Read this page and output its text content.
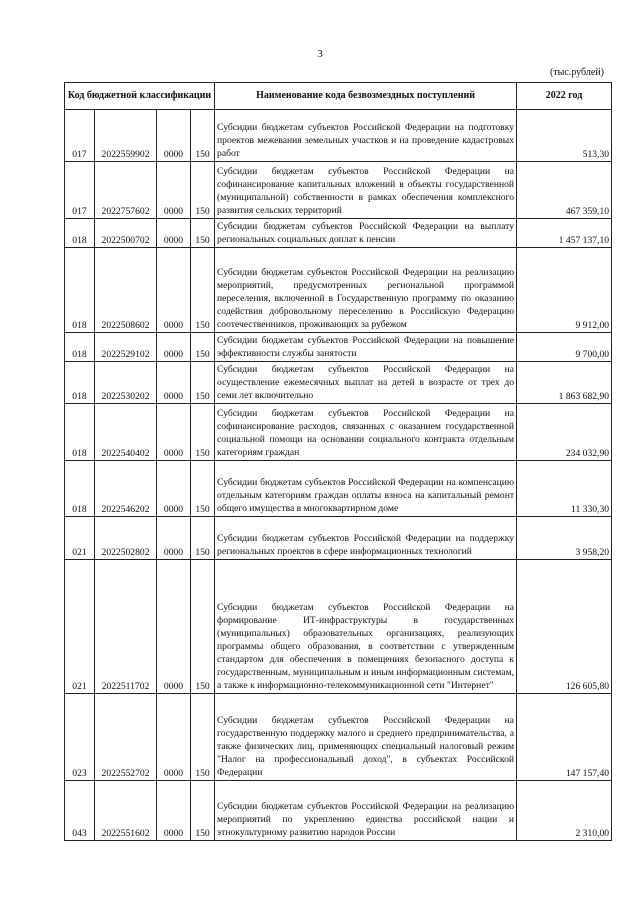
3
(тыс.рублей)
Код бюджетной классификации				Наименование кода безвозмездных поступлений	2022 год
017	2022559902	0000	150	Субсидии бюджетам субъектов Российской Федерации на подготовку проектов межевания земельных участков и на проведение кадастровых работ	513,30
017	2022757602	0000	150	Субсидии бюджетам субъектов Российской Федерации на софинансирование капитальных вложений в объекты государственной (муниципальной) собственности в рамках обеспечения комплексного развития сельских территорий	467 359,10
018	2022500702	0000	150	Субсидии бюджетам субъектов Российской Федерации на выплату региональных социальных доплат к пенсии	1 457 137,10
018	2022508602	0000	150	Субсидии бюджетам субъектов Российской Федерации на реализацию мероприятий, предусмотренных региональной программой переселения, включенной в Государственную программу по оказанию содействия добровольному переселению в Российскую Федерацию соотечественников, проживающих за рубежом	9 912,00
018	2022529102	0000	150	Субсидии бюджетам субъектов Российской Федерации на повышение эффективности службы занятости	9 700,00
018	2022530202	0000	150	Субсидии бюджетам субъектов Российской Федерации на осуществление ежемесячных выплат на детей в возрасте от трех до семи лет включительно	1 863 682,90
018	2022540402	0000	150	Субсидии бюджетам субъектов Российской Федерации на софинансирование расходов, связанных с оказанием государственной социальной помощи на основании социального контракта отдельным категориям граждан	234 032,90
018	2022546202	0000	150	Субсидии бюджетам субъектов Российской Федерации на компенсацию отдельным категориям граждан оплаты взноса на капитальный ремонт общего имущества в многоквартирном доме	11 330,30
021	2022502802	0000	150	Субсидии бюджетам субъектов Российской Федерации на поддержку региональных проектов в сфере информационных технологий	3 958,20
021	2022511702	0000	150	Субсидии бюджетам субъектов Российской Федерации на формирование ИТ-инфраструктуры в государственных (муниципальных) образовательных организациях, реализующих программы общего образования, в соответствии с утвержденным стандартом для обеспечения в помещениях безопасного доступа к государственным, муниципальным и иным информационным системам, а также к информационно-телекоммуникационной сети "Интернет"	126 605,80
023	2022552702	0000	150	Субсидии бюджетам субъектов Российской Федерации на государственную поддержку малого и среднего предпринимательства, а также физических лиц, применяющих специальный налоговый режим "Налог на профессиональный доход", в субъектах Российской Федерации	147 157,40
043	2022551602	0000	150	Субсидии бюджетам субъектов Российской Федерации на реализацию мероприятий по укреплению единства российской нации и этнокультурному развитию народов России	2 310,00
